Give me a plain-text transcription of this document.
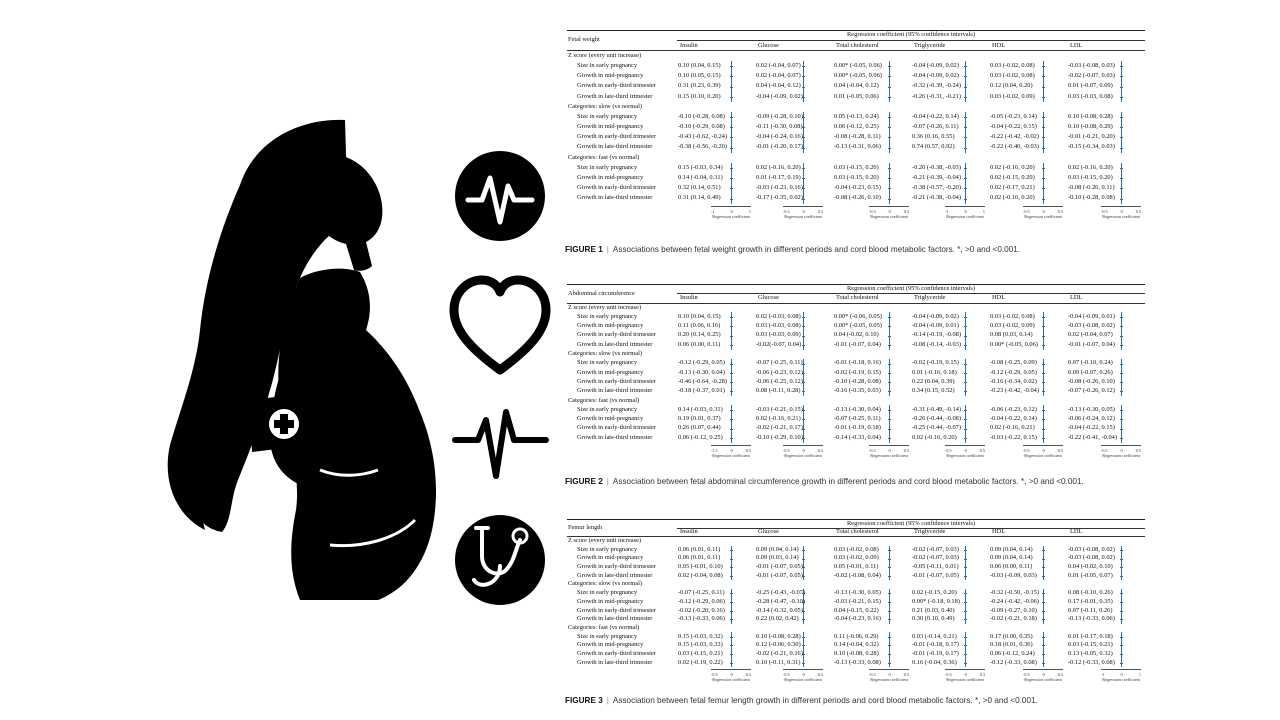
Fetal weight	Regression coefficient (95% confidence intervals)					
	Insulin	Glucose	Total cholesterol	Triglyceride	HDL	LDL
Z score (every unit increase)						
Size in early pregnancy	0.10 (0.04, 0.15)	0.02 (-0.04, 0.07)	0.00* (-0.05, 0.06)	-0.04 (-0.09, 0.02)	0.03 (-0.02, 0.08)	-0.03 (-0.08, 0.03)

Growth in mid-pregnancy	0.10 (0.05, 0.15)	0.02 (-0.04, 0.07)	0.00* (-0.05, 0.06)	-0.04 (-0.09, 0.02)	0.03 (-0.02, 0.08)	-0.02 (-0.07, 0.03)

Growth in early-third trimester	0.31 (0.23, 0.39)	0.04 (-0.04, 0.12)	0.04 (-0.04, 0.12)	-0.32 (-0.39, -0.24)	0.12 (0.04, 0.20)	0.01 (-0.07, 0.09)

Growth in late-third trimester	0.15 (0.10, 0.20)	-0.04 (-0.09, 0.02)	0.01 (-0.05, 0.06)	-0.26 (-0.31, -0.21)	0.03 (-0.02, 0.09)	0.03 (-0.03, 0.08)

Categories: slow (vs normal)						
Size in early pregnancy	-0.10 (-0.28, 0.08)	-0.09 (-0.28, 0.10)	0.05 (-0.13, 0.24)	-0.04 (-0.22, 0.14)	-0.05 (-0.23, 0.14)	0.10 (-0.08, 0.28)

Growth in mid-pregnancy	-0.10 (-0.29, 0.08)	-0.11 (-0.30, 0.08)	0.06 (-0.12, 0.25)	-0.07 (-0.26, 0.11)	-0.04 (-0.22, 0.15)	0.10 (-0.08, 0.29)

Growth in early-third trimester	-0.43 (-0.62, -0.24)	-0.04 (-0.24, 0.16)	-0.08 (-0.28, 0.11)	0.36 (0.16, 0.55)	-0.22 (-0.42, -0.02)	-0.01 (-0.21, 0.20)

Growth in late-third trimester	-0.38 (-0.56, -0.20)	-0.01 (-0.20, 0.17)	-0.13 (-0.31, 0.06)	0.74 (0.57, 0.92)	-0.22 (-0.40, -0.03)	-0.15 (-0.34, 0.03)

Categories: fast (vs normal)						
Size in early pregnancy	0.15 (-0.03, 0.34)	0.02 (-0.16, 0.20)	0.03 (-0.15, 0.20)	-0.20 (-0.38, -0.03)	0.02 (-0.16, 0.20)	0.02 (-0.16, 0.20)

Growth in mid-pregnancy	0.14 (-0.04, 0.31)	0.01 (-0.17, 0.19)	0.03 (-0.15, 0.20)	-0.21 (-0.39, -0.04)	0.02 (-0.15, 0.20)	0.03 (-0.15, 0.20)

Growth in early-third trimester	0.32 (0.14, 0.51)	-0.03 (-0.23, 0.16)	-0.04 (-0.23, 0.15)	-0.38 (-0.57, -0.20)	0.02 (-0.17, 0.21)	-0.08 (-0.26, 0.11)

Growth in late-third trimester	0.31 (0.14, 0.49)	-0.17 (-0.35, 0.02)	-0.08 (-0.26, 0.10)	-0.21 (-0.38, -0.04)	0.02 (-0.16, 0.20)	-0.10 (-0.28, 0.08)
-1	0	1
Regression coefficient
-0.3	0	0.3
Regression coefficient
-0.3	0	0.3
Regression coefficient
-1	0	1
Regression coefficient
-0.5	0	0.5
Regression coefficient
-0.5	0	0.5
Regression coefficient
FIGURE 1 | Associations between fetal weight growth in different periods and cord blood metabolic factors. *, >0 and <0.001.
Abdominal circumference	Regression coefficient (95% confidence intervals)					
	Insulin	Glucose	Total cholesterol	Triglyceride	HDL	LDL
Z score (every unit increase)						
Size in early pregnancy	0.10 (0.04, 0.15)	0.02 (-0.03, 0.08)	0.00* (-0.06, 0.05)	-0.04 (-0.09, 0.02)	0.03 (-0.02, 0.08)	-0.04 (-0.09, 0.01)

Growth in mid-pregnancy	0.11 (0.06, 0.16)	0.03 (-0.03, 0.08)	0.00* (-0.05, 0.05)	-0.04 (-0.09, 0.01)	0.03 (-0.02, 0.09)	-0.03 (-0.08, 0.02)

Growth in early-third trimester	0.20 (0.14, 0.25)	0.03 (-0.03, 0.09)	0.04 (-0.02, 0.10)	-0.14 (-0.19, -0.08)	0.08 (0.03, 0.14)	0.02 (-0.04, 0.07)

Growth in late-third trimester	0.06 (0.00, 0.11)	-0.02(-0.07, 0.04)	-0.01 (-0.07, 0.04)	-0.08 (-0.14, -0.03)	0.00* (-0.05, 0.06)	-0.01 (-0.07, 0.04)

Categories: slow (vs normal)						
Size in early pregnancy	-0.12 (-0.29, 0.05)	-0.07 (-0.25, 0.11)	-0.01 (-0.18, 0.16)	-0.02 (-0.19, 0.15)	-0.08 (-0.25, 0.09)	0.07 (-0.10, 0.24)

Growth in mid-pregnancy	-0.13 (-0.30, 0.04)	-0.06 (-0.23, 0.12)	-0.02 (-0.19, 0.15)	0.01 (-0.16, 0.18)	-0.12 (-0.29, 0.05)	0.09 (-0.07, 0.26)

Growth in early-third trimester	-0.46 (-0.64, -0.28)	-0.06 (-0.25, 0.12)	-0.10 (-0.28, 0.08)	0.22 (0.04, 0.39)	-0.16 (-0.34, 0.02)	-0.08 (-0.26, 0.10)

Growth in late-third trimester	-0.18 (-0.37, 0.01)	0.08 (-0.11, 0.28)	-0.16 (-0.35, 0.03)	0.34 (0.15, 0.52)	-0.23 (-0.42, -0.04)	-0.07 (-0.26, 0.12)

Categories: fast (vs normal)						
Size in early pregnancy	0.14 (-0.03, 0.31)	-0.03 (-0.21, 0.15)	-0.13 (-0.30, 0.04)	-0.31 (-0.49, -0.14)	-0.06 (-0.23, 0.12)	-0.13 (-0.30, 0.05)

Growth in mid-pregnancy	0.19 (0.01, 0.37)	0.02 (-0.16, 0.21)	-0.07 (-0.25, 0.11)	-0.26 (-0.44, -0.08)	-0.04 (-0.22, 0.14)	-0.06 (-0.24, 0.12)

Growth in early-third trimester	0.26 (0.07, 0.44)	-0.02 (-0.21, 0.17)	-0.01 (-0.19, 0.18)	-0.25 (-0.44, -0.07)	0.02 (-0.16, 0.21)	-0.04 (-0.22, 0.15)

Growth in late-third trimester	0.06 (-0.12, 0.25)	-0.10 (-0.29, 0.10)	-0.14 (-0.33, 0.04)	0.02 (-0.16, 0.20)	-0.03 (-0.22, 0.15)	-0.22 (-0.41, -0.04)
-1.5	0	0.5
Regression coefficient
-0.3	0	0.3
Regression coefficient
-0.3	0	0.3
Regression coefficient
-0.5	0	0.5
Regression coefficient
-0.5	0	0.5
Regression coefficient
-0.5	0	0.5
Regression coefficient
FIGURE 2 | Association between fetal abdominal circumference growth in different periods and cord blood metabolic factors. *, >0 and <0.001.
Femur length	Regression coefficient (95% confidence intervals)					
	Insulin	Glucose	Total cholesterol	Triglyceride	HDL	LDL
Z score (every unit increase)						
Size in early pregnancy	0.06 (0.01, 0.11)	0.09 (0.04, 0.14)	0.03 (-0.02, 0.08)	-0.02 (-0.07, 0.03)	0.09 (0.04, 0.14)	-0.03 (-0.08, 0.02)

Growth in mid-pregnancy	0.06 (0.01, 0.11)	0.09 (0.03, 0.14)	0.03 (-0.02, 0.09)	-0.02 (-0.07, 0.03)	0.09 (0.04, 0.14)	-0.03 (-0.08, 0.02)

Growth in early-third trimester	0.05 (-0.01, 0.10)	-0.01 (-0.07, 0.05)	0.05 (-0.01, 0.11)	-0.05 (-0.11, 0.01)	0.06 (0.00, 0.11)	0.04 (-0.02, 0.10)

Growth in late-third trimester	0.02 (-0.04, 0.08)	-0.01 (-0.07, 0.05)	-0.02 (-0.08, 0.04)	-0.01 (-0.07, 0.05)	-0.03 (-0.09, 0.03)	0.01 (-0.05, 0.07)

Categories: slow (vs normal)						
Size in early pregnancy	-0.07 (-0.25, 0.11)	-0.25 (-0.43, -0.07)	-0.13 (-0.30, 0.05)	0.02 (-0.15, 0.20)	-0.32 (-0.50, -0.15)	0.08 (-0.10, 0.26)

Growth in mid-pregnancy	-0.12 (-0.29, 0.06)	-0.28 (-0.47, -0.10)	-0.03 (-0.21, 0.15)	0.00* (-0.18, 0.18)	-0.24 (-0.42, -0.06)	0.17 (-0.01, 0.35)

Growth in early-third trimester	-0.02 (-0.20, 0.16)	-0.14 (-0.32, 0.05)	0.04 (-0.15, 0.22)	0.21 (0.03, 0.40)	-0.09 (-0.27, 0.10)	0.07 (-0.11, 0.26)

Growth in late-third trimester	-0.13 (-0.33, 0.06)	0.22 (0.02, 0.42)	-0.04 (-0.23, 0.16)	0.30 (0.10, 0.49)	-0.02 (-0.21, 0.18)	-0.13 (-0.33, 0.06)

Categories: fast (vs normal)						
Size in early pregnancy	0.15 (-0.03, 0.32)	0.10 (-0.08, 0.28)	0.11 (-0.06, 0.29)	0.03 (-0.14, 0.21)	0.17 (0.00, 0.35)	0.01 (-0.17, 0.18)

Growth in mid-pregnancy	0.15 (-0.03, 0.33)	0.12 (-0.06, 0.30)	0.14 (-0.04, 0.32)	-0.01 (-0.18, 0.17)	0.18 (0.01, 0.36)	0.03 (-0.15, 0.21)

Growth in early-third trimester	0.03 (-0.15, 0.21)	-0.02 (-0.21, 0.16)	0.10 (-0.08, 0.28)	-0.01 (-0.19, 0.17)	0.06 (-0.12, 0.24)	0.13 (-0.05, 0.32)

Growth in late-third trimester	0.02 (-0.19, 0.22)	0.10 (-0.11, 0.31)	-0.13 (-0.33, 0.08)	0.16 (-0.04, 0.36)	-0.12 (-0.33, 0.08)	-0.12 (-0.33, 0.08)
-0.3	0	0.3
Regression coefficient
-0.3	0	0.3
Regression coefficient
-0.3	0	0.3
Regression coefficient
-0.3	0	0.3
Regression coefficient
-0.3	0	0.3
Regression coefficient
-1	0	1
Regression coefficient
FIGURE 3 | Association between fetal femur length growth in different periods and cord blood metabolic factors. *, >0 and <0.001.
